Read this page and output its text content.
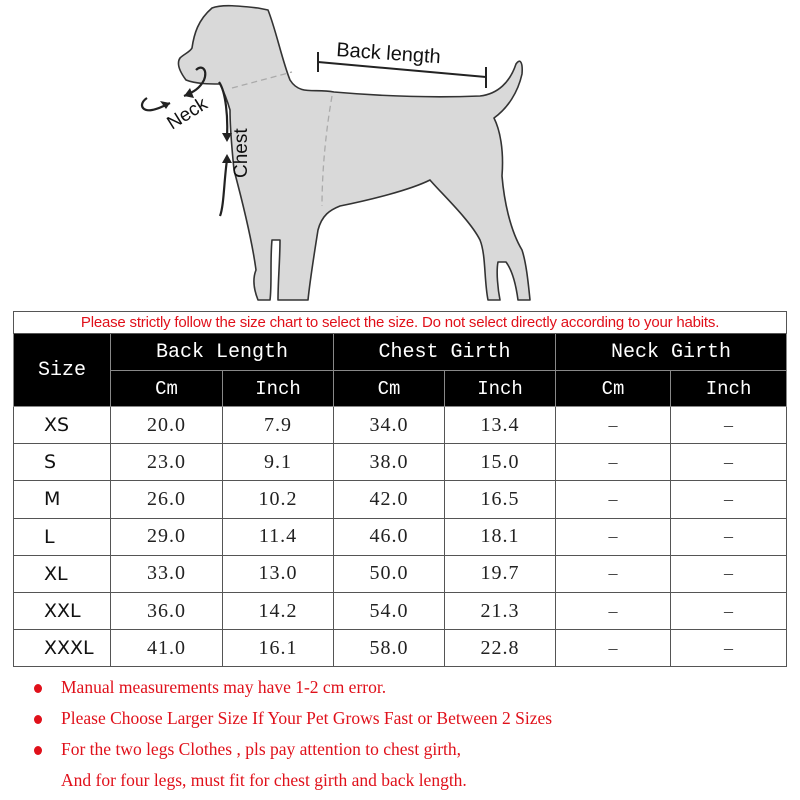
Back length
Neck
Chest
Please strictly follow the size chart to select the size. Do not select directly according to your habits.						
Size	Back Length		Chest Girth		Neck Girth	
	Cm	Inch	Cm	Inch	Cm	Inch
XS	20.0	7.9	34.0	13.4	–	–
S	23.0	9.1	38.0	15.0	–	–
M	26.0	10.2	42.0	16.5	–	–
L	29.0	11.4	46.0	18.1	–	–
XL	33.0	13.0	50.0	19.7	–	–
XXL	36.0	14.2	54.0	21.3	–	–
XXXL	41.0	16.1	58.0	22.8	–	–
Manual measurements may have 1-2 cm error.
Please Choose Larger Size If Your Pet Grows Fast or Between 2 Sizes
For the two legs Clothes , pls pay attention to chest girth,
And for four legs, must fit for chest girth and back length.
